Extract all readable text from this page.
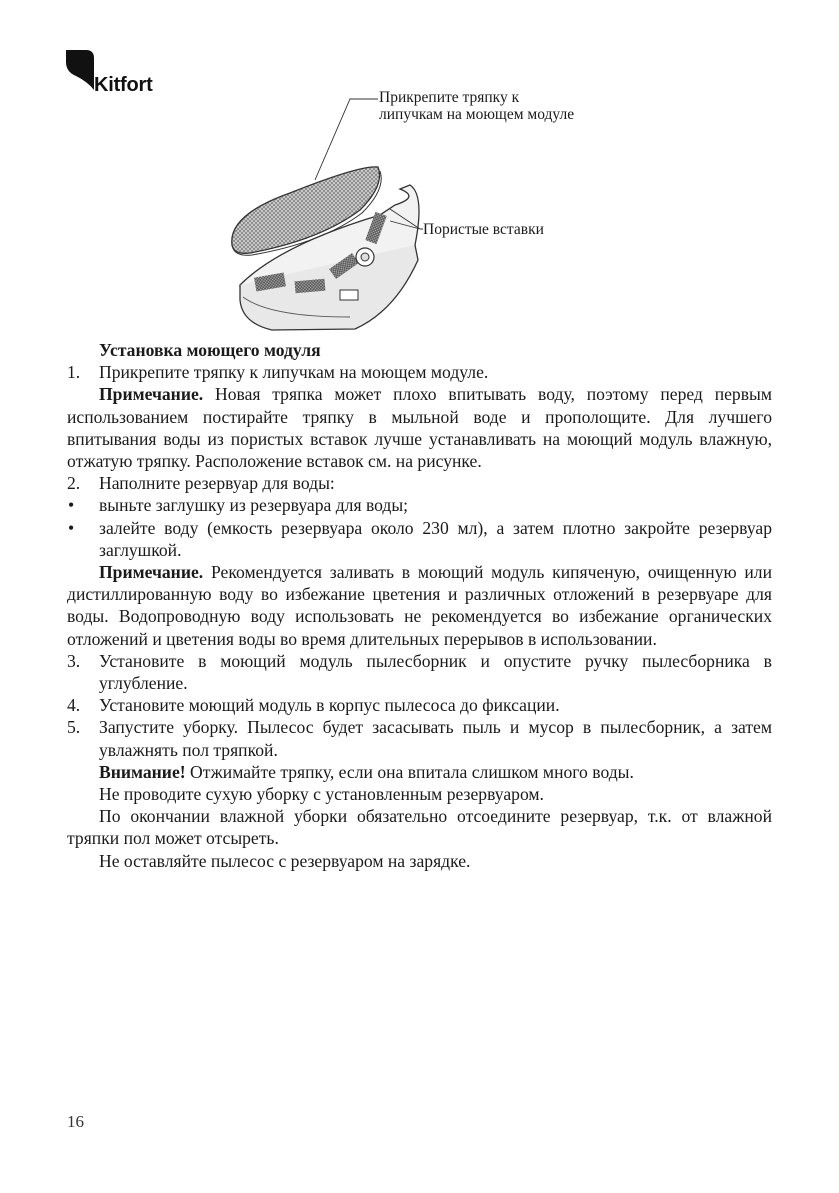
Kitfort
Прикрепите тряпку к липучкам на моющем модуле
Пористые вставки

Установка моющего модуля

1. Прикрепите тряпку к липучкам на моющем модуле.

Примечание. Новая тряпка может плохо впитывать воду, поэтому перед первым использованием постирайте тряпку в мыльной воде и прополощите. Для лучшего впитывания воды из пористых вставок лучше устанавливать на моющий модуль влажную, отжатую тряпку. Расположение вставок см. на рисунке.

2. Наполните резервуар для воды:

• выньте заглушку из резервуара для воды;

• залейте воду (емкость резервуара около 230 мл), а затем плотно закройте резервуар заглушкой.

Примечание. Рекомендуется заливать в моющий модуль кипяченую, очищенную или дистиллированную воду во избежание цветения и различных отложений в резервуаре для воды. Водопроводную воду использовать не рекомендуется во избежание органических отложений и цветения воды во время длительных перерывов в использовании.

3. Установите в моющий модуль пылесборник и опустите ручку пылесборника в углубление.

4. Установите моющий модуль в корпус пылесоса до фиксации.

5. Запустите уборку. Пылесос будет засасывать пыль и мусор в пылесборник, а затем увлажнять пол тряпкой.

Внимание! Отжимайте тряпку, если она впитала слишком много воды.

Не проводите сухую уборку с установленным резервуаром.

По окончании влажной уборки обязательно отсоедините резервуар, т.к. от влажной тряпки пол может отсыреть.

Не оставляйте пылесос с резервуаром на зарядке.

16
